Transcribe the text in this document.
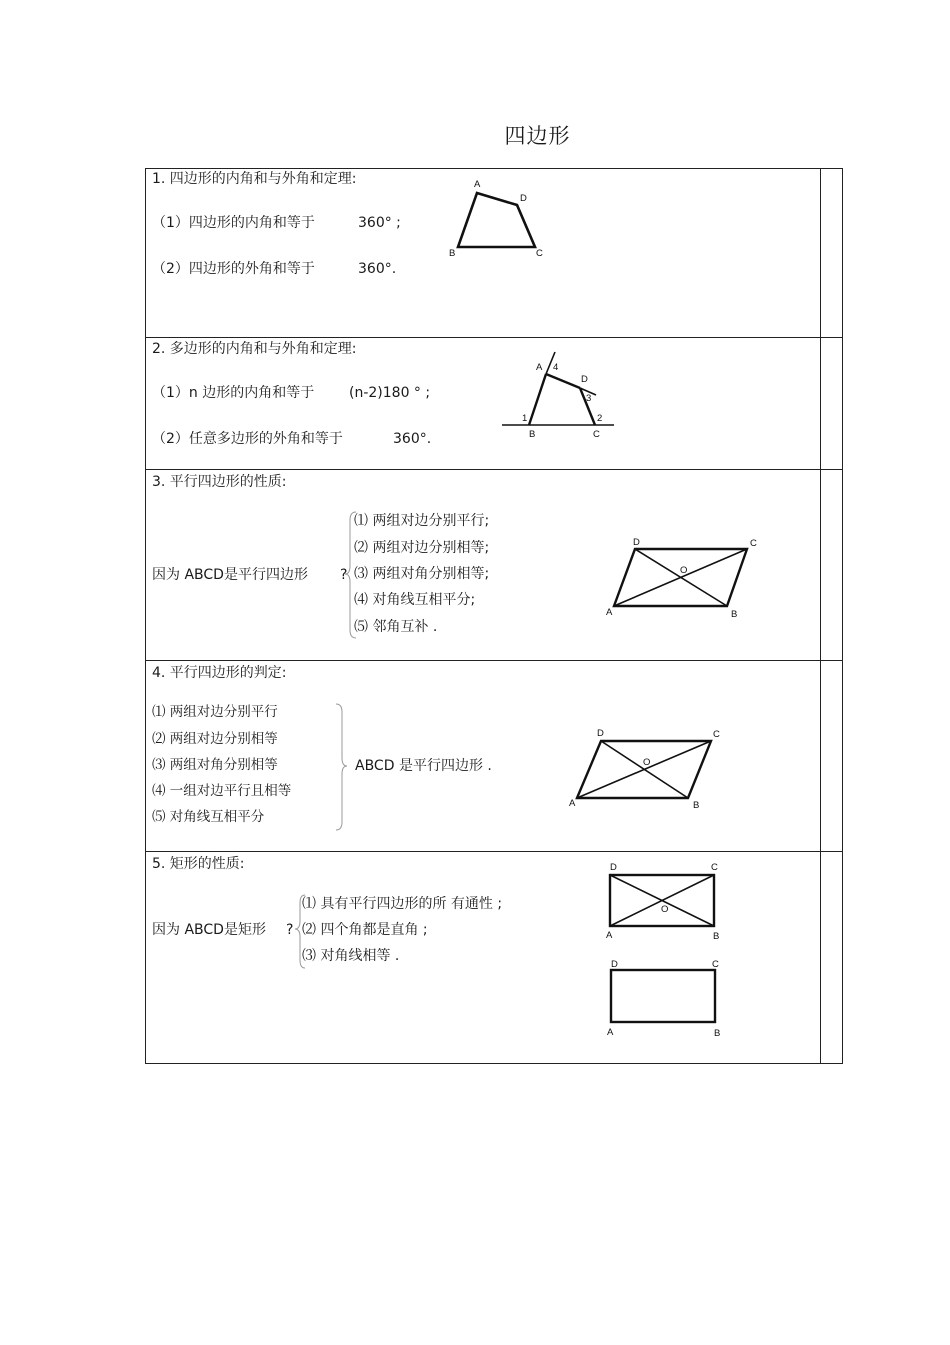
四边形
1. 四边形的内角和与外角和定理:
（1）四边形的内角和等于	360° ;
（2）四边形的外角和等于	360°.
A
D
B	C
2. 多边形的内角和与外角和定理:
（1）n 边形的内角和等于 (n-2)180 ° ;
（2）任意多边形的外角和等于	360°.
A 4
D
3
1	2
B	C
3. 平行四边形的性质:
因为 ABCD是平行四边形 ?
⑴ 两组对边分别平行;
⑵ 两组对边分别相等;
⑶ 两组对角分别相等;
⑷ 对角线互相平分;
⑸ 邻角互补 .
D	C
O
A	B
4. 平行四边形的判定:
⑴ 两组对边分别平行
⑵ 两组对边分别相等
⑶ 两组对角分别相等
⑷ 一组对边平行且相等
⑸ 对角线互相平分
ABCD 是平行四边形 .
D	C
O
A	B
5. 矩形的性质:
因为 ABCD是矩形 ?
⑴ 具有平行四边形的所 有通性 ;
⑵ 四个角都是直角 ;
⑶ 对角线相等 .
D	C
O
A	B
D	C
A	B
